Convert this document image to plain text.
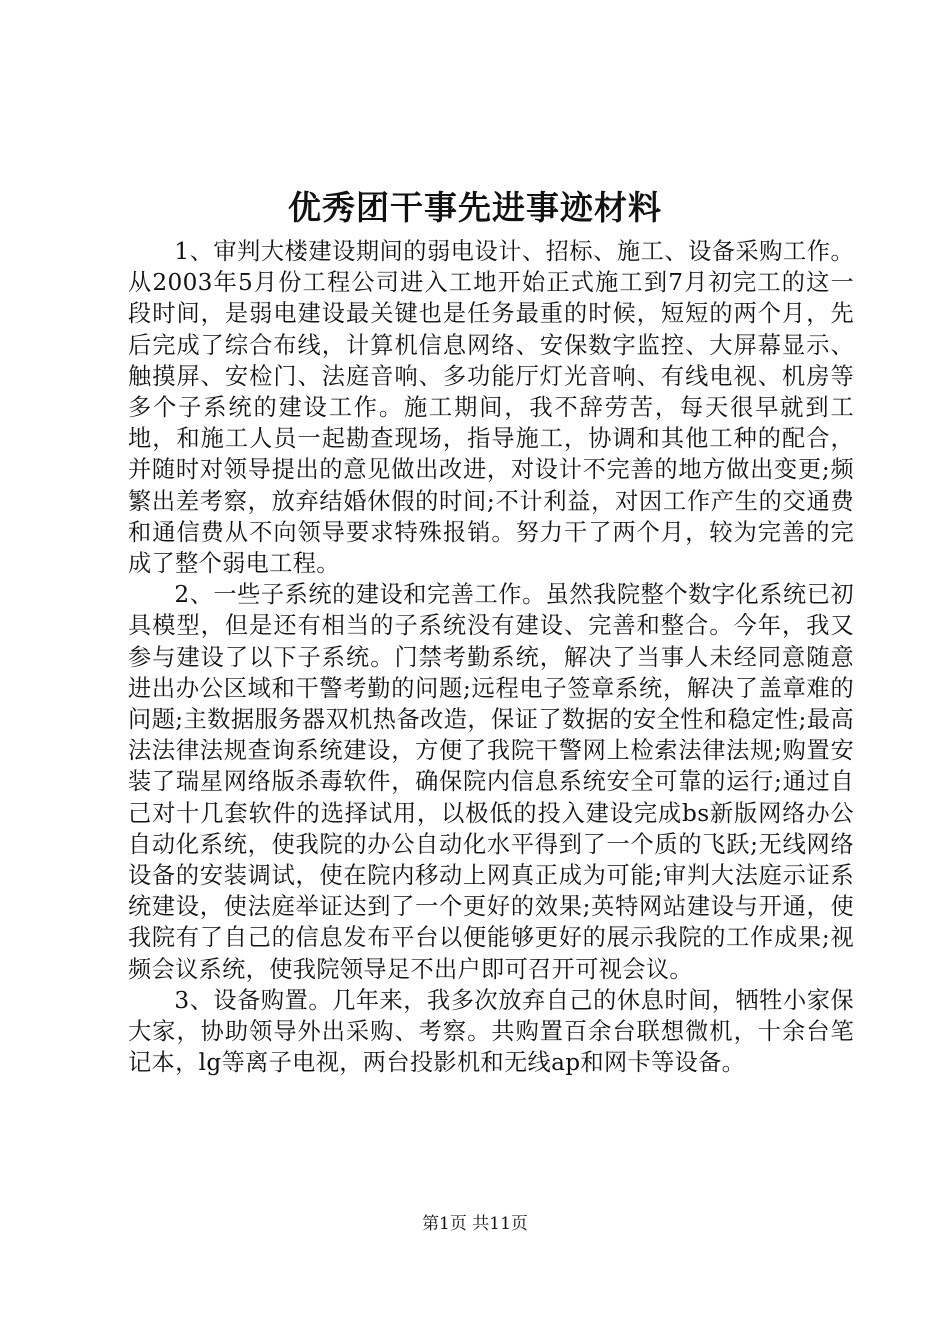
优秀团干事先进事迹材料

1、审判大楼建设期间的弱电设计、招标、施工、设备采购工作。从2003年5月份工程公司进入工地开始正式施工到7月初完工的这一段时间，是弱电建设最关键也是任务最重的时候，短短的两个月，先后完成了综合布线，计算机信息网络、安保数字监控、大屏幕显示、触摸屏、安检门、法庭音响、多功能厅灯光音响、有线电视、机房等多个子系统的建设工作。施工期间，我不辞劳苦，每天很早就到工地，和施工人员一起勘查现场，指导施工，协调和其他工种的配合，并随时对领导提出的意见做出改进，对设计不完善的地方做出变更;频繁出差考察，放弃结婚休假的时间;不计利益，对因工作产生的交通费和通信费从不向领导要求特殊报销。努力干了两个月，较为完善的完成了整个弱电工程。

2、一些子系统的建设和完善工作。虽然我院整个数字化系统已初具模型，但是还有相当的子系统没有建设、完善和整合。今年，我又参与建设了以下子系统。门禁考勤系统，解决了当事人未经同意随意进出办公区域和干警考勤的问题;远程电子签章系统，解决了盖章难的问题;主数据服务器双机热备改造，保证了数据的安全性和稳定性;最高法法律法规查询系统建设，方便了我院干警网上检索法律法规;购置安装了瑞星网络版杀毒软件，确保院内信息系统安全可靠的运行;通过自己对十几套软件的选择试用，以极低的投入建设完成bs新版网络办公自动化系统，使我院的办公自动化水平得到了一个质的飞跃;无线网络设备的安装调试，使在院内移动上网真正成为可能;审判大法庭示证系统建设，使法庭举证达到了一个更好的效果;英特网站建设与开通，使我院有了自己的信息发布平台以便能够更好的展示我院的工作成果;视频会议系统，使我院领导足不出户即可召开可视会议。

3、设备购置。几年来，我多次放弃自己的休息时间，牺牲小家保大家，协助领导外出采购、考察。共购置百余台联想微机，十余台笔记本，lg等离子电视，两台投影机和无线ap和网卡等设备。

第1页 共11页
